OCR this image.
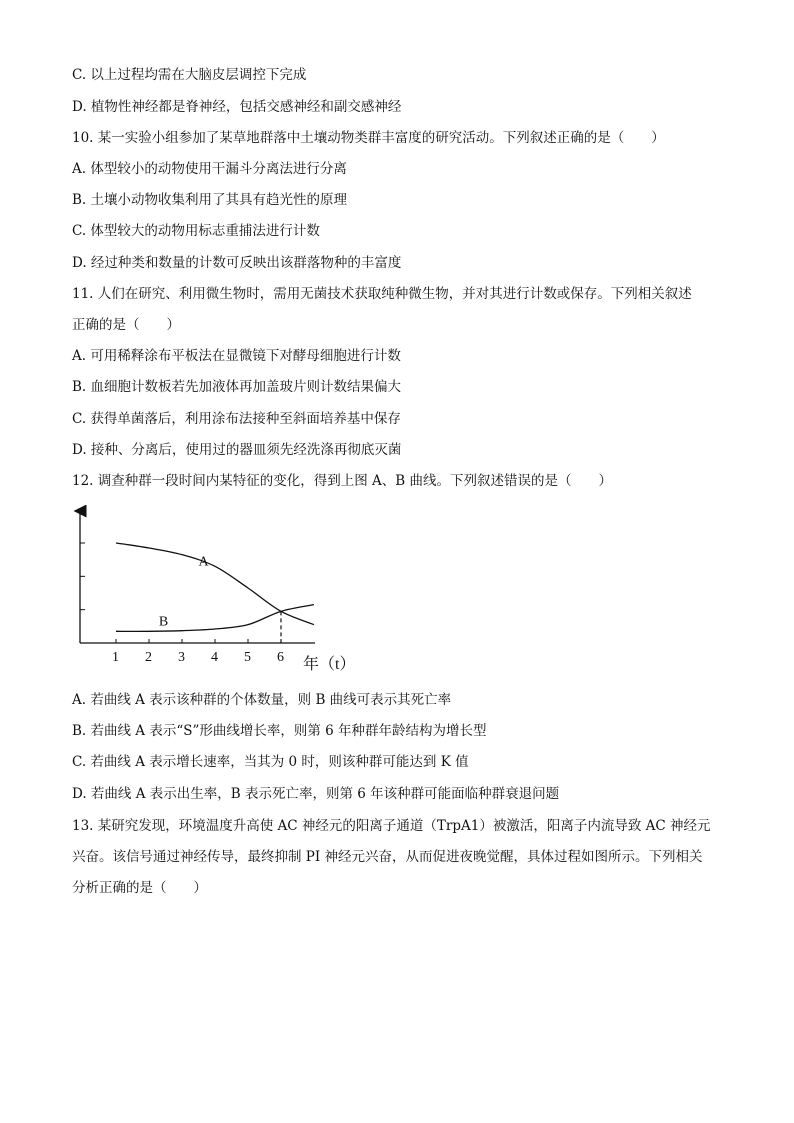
C. 以上过程均需在大脑皮层调控下完成
D. 植物性神经都是脊神经，包括交感神经和副交感神经
10. 某一实验小组参加了某草地群落中土壤动物类群丰富度的研究活动。下列叙述正确的是（　　）
A. 体型较小的动物使用干漏斗分离法进行分离
B. 土壤小动物收集利用了其具有趋光性的原理
C. 体型较大的动物用标志重捕法进行计数
D. 经过种类和数量的计数可反映出该群落物种的丰富度
11. 人们在研究、利用微生物时，需用无菌技术获取纯种微生物，并对其进行计数或保存。下列相关叙述
正确的是（　　）
A. 可用稀释涂布平板法在显微镜下对酵母细胞进行计数
B. 血细胞计数板若先加液体再加盖玻片则计数结果偏大
C. 获得单菌落后，利用涂布法接种至斜面培养基中保存
D. 接种、分离后，使用过的器皿须先经洗涤再彻底灭菌
12. 调查种群一段时间内某特征的变化，得到上图 A、B 曲线。下列叙述错误的是（　　）
1 2 3 4 5 6
A
B
年（t）
A. 若曲线 A 表示该种群的个体数量，则 B 曲线可表示其死亡率
B. 若曲线 A 表示“S”形曲线增长率，则第 6 年种群年龄结构为增长型
C. 若曲线 A 表示增长速率，当其为 0 时，则该种群可能达到 K 值
D. 若曲线 A 表示出生率，B 表示死亡率，则第 6 年该种群可能面临种群衰退问题
13. 某研究发现，环境温度升高使 AC 神经元的阳离子通道（TrpA1）被激活，阳离子内流导致 AC 神经元
兴奋。该信号通过神经传导，最终抑制 PI 神经元兴奋，从而促进夜晚觉醒，具体过程如图所示。下列相关
分析正确的是（　　）
